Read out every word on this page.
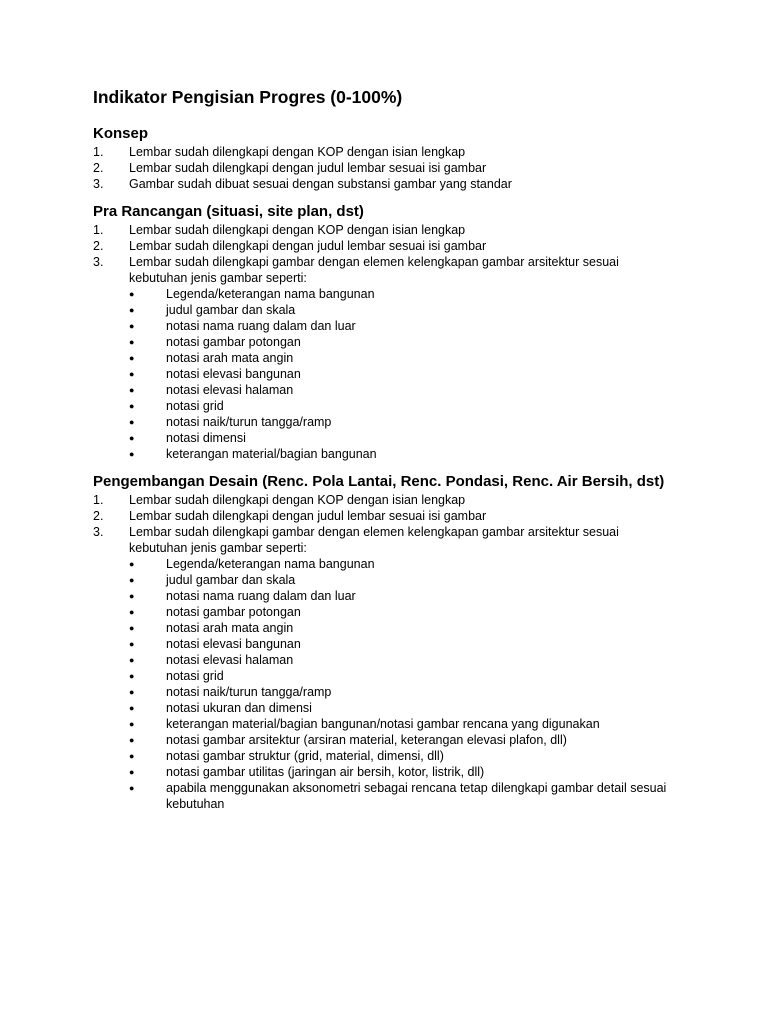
Indikator Pengisian Progres (0-100%)
Konsep
1.	Lembar sudah dilengkapi dengan KOP dengan isian lengkap
2.	Lembar sudah dilengkapi dengan judul lembar sesuai isi gambar
3.	Gambar sudah dibuat sesuai dengan substansi gambar yang standar
Pra Rancangan (situasi, site plan, dst)
1.	Lembar sudah dilengkapi dengan KOP dengan isian lengkap
2.	Lembar sudah dilengkapi dengan judul lembar sesuai isi gambar
3.	Lembar sudah dilengkapi gambar dengan elemen kelengkapan gambar arsitektur sesuai kebutuhan jenis gambar seperti:
●	Legenda/keterangan nama bangunan
●	judul gambar dan skala
●	notasi nama ruang dalam dan luar
●	notasi gambar potongan
●	notasi arah mata angin
●	notasi elevasi bangunan
●	notasi elevasi halaman
●	notasi grid
●	notasi naik/turun tangga/ramp
●	notasi dimensi
●	keterangan material/bagian bangunan
Pengembangan Desain (Renc. Pola Lantai, Renc. Pondasi, Renc. Air Bersih, dst)
1.	Lembar sudah dilengkapi dengan KOP dengan isian lengkap
2.	Lembar sudah dilengkapi dengan judul lembar sesuai isi gambar
3.	Lembar sudah dilengkapi gambar dengan elemen kelengkapan gambar arsitektur sesuai kebutuhan jenis gambar seperti:
●	Legenda/keterangan nama bangunan
●	judul gambar dan skala
●	notasi nama ruang dalam dan luar
●	notasi gambar potongan
●	notasi arah mata angin
●	notasi elevasi bangunan
●	notasi elevasi halaman
●	notasi grid
●	notasi naik/turun tangga/ramp
●	notasi ukuran dan dimensi
●	keterangan material/bagian bangunan/notasi gambar rencana yang digunakan
●	notasi gambar arsitektur (arsiran material, keterangan elevasi plafon, dll)
●	notasi gambar struktur (grid, material, dimensi, dll)
●	notasi gambar utilitas (jaringan air bersih, kotor, listrik, dll)
●	apabila menggunakan aksonometri sebagai rencana tetap dilengkapi gambar detail sesuai kebutuhan
